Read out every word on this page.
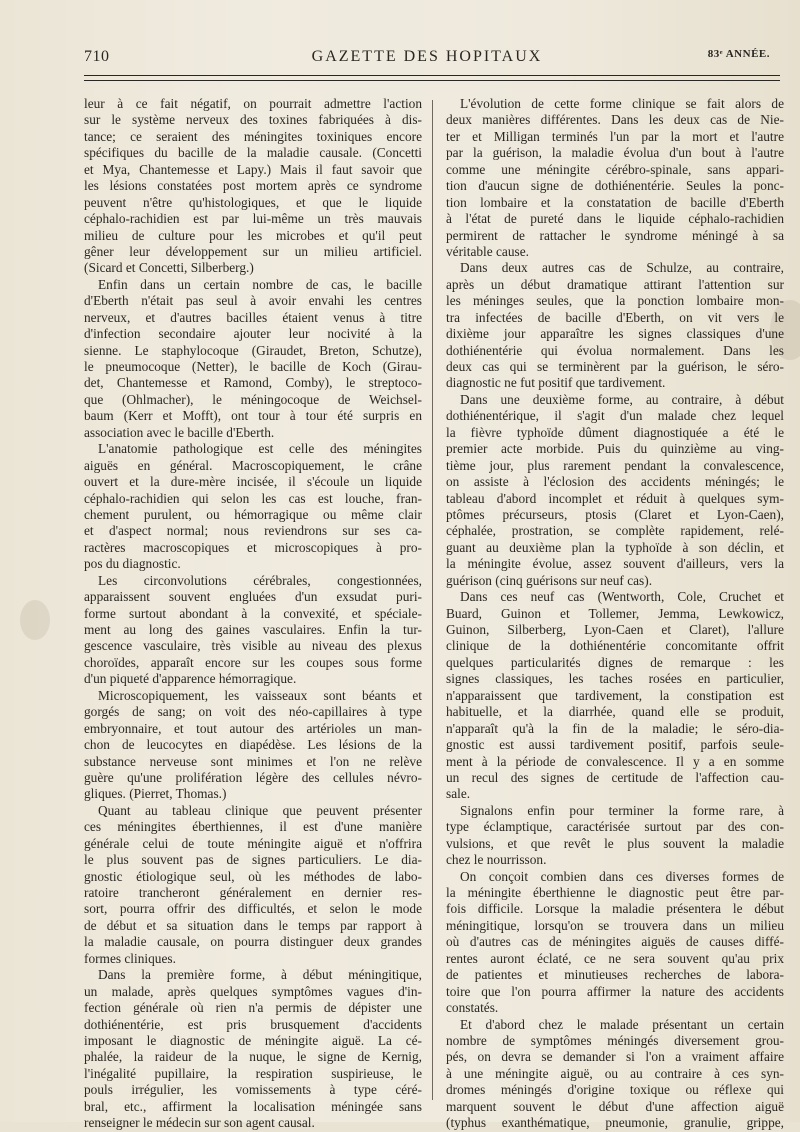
710	GAZETTE DES HOPITAUX	83ᵉ ANNÉE.
leur à ce fait négatif, on pourrait admettre l'action
sur le système nerveux des toxines fabriquées à dis-
tance; ce seraient des méningites toxiniques encore
spécifiques du bacille de la maladie causale. (Concetti
et Mya, Chantemesse et Lapy.) Mais il faut savoir que
les lésions constatées post mortem après ce syndrome
peuvent n'être qu'histologiques, et que le liquide
céphalo-rachidien est par lui-même un très mauvais
milieu de culture pour les microbes et qu'il peut
gêner leur développement sur un milieu artificiel.
(Sicard et Concetti, Silberberg.)
Enfin dans un certain nombre de cas, le bacille
d'Eberth n'était pas seul à avoir envahi les centres
nerveux, et d'autres bacilles étaient venus à titre
d'infection secondaire ajouter leur nocivité à la
sienne. Le staphylocoque (Giraudet, Breton, Schutze),
le pneumocoque (Netter), le bacille de Koch (Girau-
det, Chantemesse et Ramond, Comby), le streptoco-
que (Ohlmacher), le méningocoque de Weichsel-
baum (Kerr et Mofft), ont tour à tour été surpris en
association avec le bacille d'Eberth.
L'anatomie pathologique est celle des méningites
aiguës en général. Macroscopiquement, le crâne
ouvert et la dure-mère incisée, il s'écoule un liquide
céphalo-rachidien qui selon les cas est louche, fran-
chement purulent, ou hémorragique ou même clair
et d'aspect normal; nous reviendrons sur ses ca-
ractères macroscopiques et microscopiques à pro-
pos du diagnostic.
Les circonvolutions cérébrales, congestionnées,
apparaissent souvent engluées d'un exsudat puri-
forme surtout abondant à la convexité, et spéciale-
ment au long des gaines vasculaires. Enfin la tur-
gescence vasculaire, très visible au niveau des plexus
choroïdes, apparaît encore sur les coupes sous forme
d'un piqueté d'apparence hémorragique.
Microscopiquement, les vaisseaux sont béants et
gorgés de sang; on voit des néo-capillaires à type
embryonnaire, et tout autour des artérioles un man-
chon de leucocytes en diapédèse. Les lésions de la
substance nerveuse sont minimes et l'on ne relève
guère qu'une prolifération légère des cellules névro-
gliques. (Pierret, Thomas.)
Quant au tableau clinique que peuvent présenter
ces méningites éberthiennes, il est d'une manière
générale celui de toute méningite aiguë et n'offrira
le plus souvent pas de signes particuliers. Le dia-
gnostic étiologique seul, où les méthodes de labo-
ratoire trancheront généralement en dernier res-
sort, pourra offrir des difficultés, et selon le mode
de début et sa situation dans le temps par rapport à
la maladie causale, on pourra distinguer deux grandes
formes cliniques.
Dans la première forme, à début méningitique,
un malade, après quelques symptômes vagues d'in-
fection générale où rien n'a permis de dépister une
dothiénentérie, est pris brusquement d'accidents
imposant le diagnostic de méningite aiguë. La cé-
phalée, la raideur de la nuque, le signe de Kernig,
l'inégalité pupillaire, la respiration suspirieuse, le
pouls irrégulier, les vomissements à type céré-
bral, etc., affirment la localisation méningée sans
renseigner le médecin sur son agent causal.
L'évolution de cette forme clinique se fait alors de
deux manières différentes. Dans les deux cas de Nie-
ter et Milligan terminés l'un par la mort et l'autre
par la guérison, la maladie évolua d'un bout à l'autre
comme une méningite cérébro-spinale, sans appari-
tion d'aucun signe de dothiénentérie. Seules la ponc-
tion lombaire et la constatation de bacille d'Eberth
à l'état de pureté dans le liquide céphalo-rachidien
permirent de rattacher le syndrome méningé à sa
véritable cause.
Dans deux autres cas de Schulze, au contraire,
après un début dramatique attirant l'attention sur
les méninges seules, que la ponction lombaire mon-
tra infectées de bacille d'Eberth, on vit vers le
dixième jour apparaître les signes classiques d'une
dothiénentérie qui évolua normalement. Dans les
deux cas qui se terminèrent par la guérison, le séro-
diagnostic ne fut positif que tardivement.
Dans une deuxième forme, au contraire, à début
dothiénentérique, il s'agit d'un malade chez lequel
la fièvre typhoïde dûment diagnostiquée a été le
premier acte morbide. Puis du quinzième au ving-
tième jour, plus rarement pendant la convalescence,
on assiste à l'éclosion des accidents méningés; le
tableau d'abord incomplet et réduit à quelques sym-
ptômes précurseurs, ptosis (Claret et Lyon-Caen),
céphalée, prostration, se complète rapidement, relé-
guant au deuxième plan la typhoïde à son déclin, et
la méningite évolue, assez souvent d'ailleurs, vers la
guérison (cinq guérisons sur neuf cas).
Dans ces neuf cas (Wentworth, Cole, Cruchet et
Buard, Guinon et Tollemer, Jemma, Lewkowicz,
Guinon, Silberberg, Lyon-Caen et Claret), l'allure
clinique de la dothiénentérie concomitante offrit
quelques particularités dignes de remarque : les
signes classiques, les taches rosées en particulier,
n'apparaissent que tardivement, la constipation est
habituelle, et la diarrhée, quand elle se produit,
n'apparaît qu'à la fin de la maladie; le séro-dia-
gnostic est aussi tardivement positif, parfois seule-
ment à la période de convalescence. Il y a en somme
un recul des signes de certitude de l'affection cau-
sale.
Signalons enfin pour terminer la forme rare, à
type éclamptique, caractérisée surtout par des con-
vulsions, et que revêt le plus souvent la maladie
chez le nourrisson.
On conçoit combien dans ces diverses formes de
la méningite éberthienne le diagnostic peut être par-
fois difficile. Lorsque la maladie présentera le début
méningitique, lorsqu'on se trouvera dans un milieu
où d'autres cas de méningites aiguës de causes diffé-
rentes auront éclaté, ce ne sera souvent qu'au prix
de patientes et minutieuses recherches de labora-
toire que l'on pourra affirmer la nature des accidents
constatés.
Et d'abord chez le malade présentant un certain
nombre de symptômes méningés diversement grou-
pés, on devra se demander si l'on a vraiment affaire
à une méningite aiguë, ou au contraire à ces syn-
dromes méningés d'origine toxique ou réflexe qui
marquent souvent le début d'une affection aiguë
(typhus exanthématique, pneumonie, granulie, grippe,
